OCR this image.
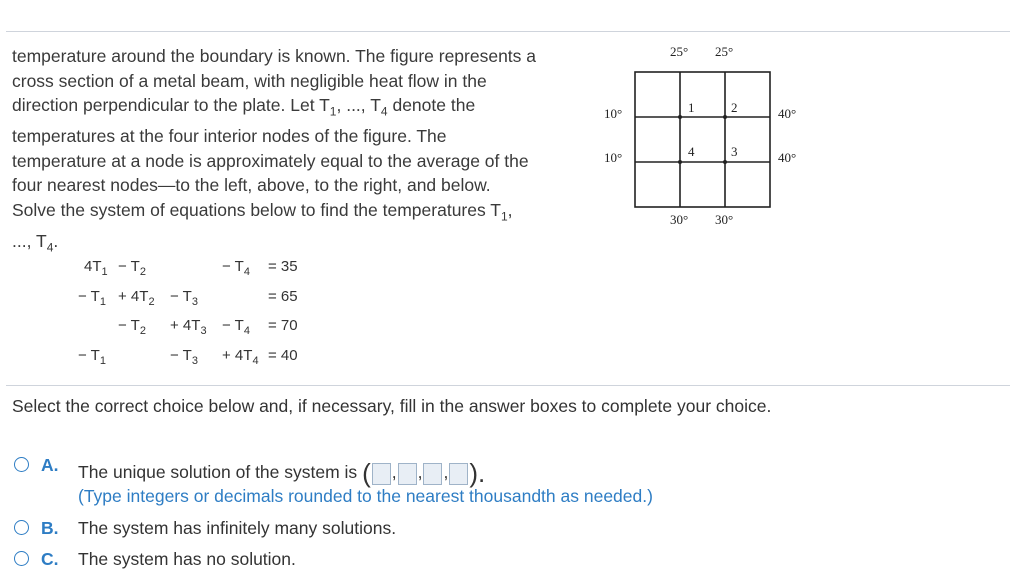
temperature around the boundary is known. The figure represents a
cross section of a metal beam, with negligible heat flow in the
direction perpendicular to the plate. Let $T_1$, ..., $T_4$ denote the
temperatures at the four interior nodes of the figure. The
temperature at a node is approximately equal to the average of the
four nearest nodes—to the left, above, to the right, and below.
Solve the system of equations below to find the temperatures $T_1$,
..., $T_4$.
$4T_1 - T_2$	− $T_4 = 35$
− $T_1 + 4T_2 - T_3$	= 65
− $T_2 + 4T_3 - T_4 = 70$
− $T_1$	− $T_3 + 4T_4 = 40$
25° 25°
10°
10°
40°
40°
30° 30°
1	2
4	3
Select the correct choice below and, if necessary, fill in the answer boxes to complete your choice.
A. The unique solution of the system is ( , , , ).
(Type integers or decimals rounded to the nearest thousandth as needed.)
B. The system has infinitely many solutions.
C. The system has no solution.
